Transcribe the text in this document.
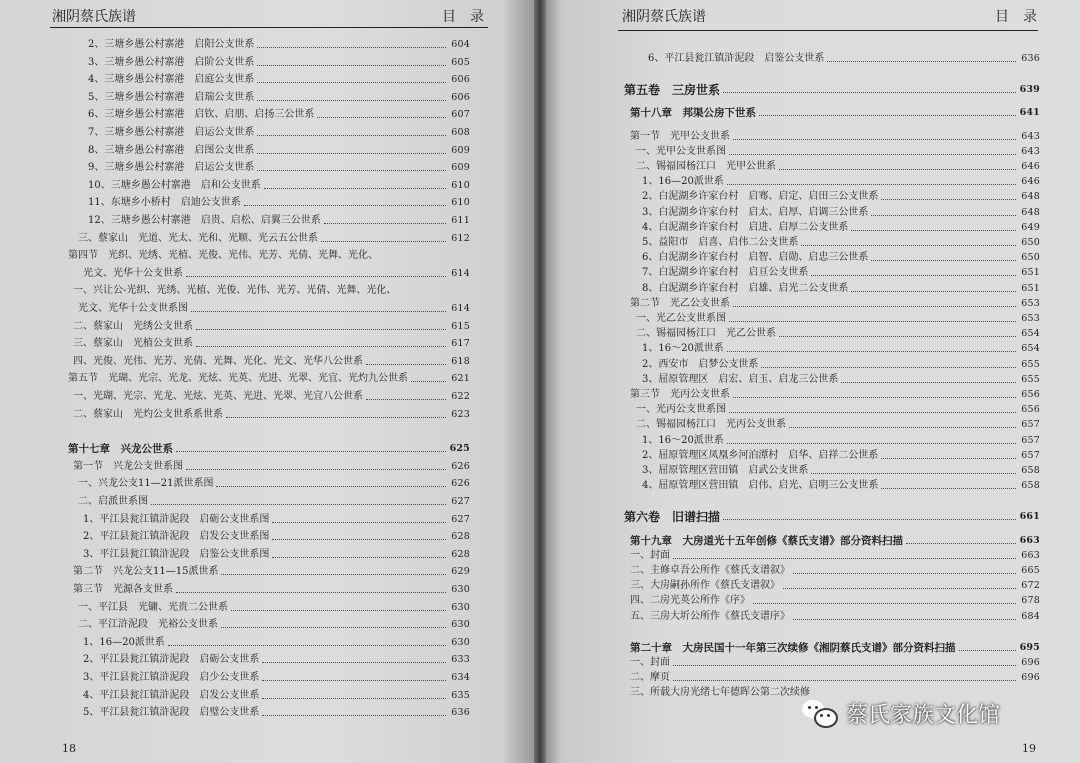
湘阴蔡氏族谱	目　录
2、三塘乡愚公村寨港　启阳公支世系	604
3、三塘乡愚公村寨港　启阶公支世系	605
4、三塘乡愚公村寨港　启庭公支世系	606
5、三塘乡愚公村寨港　启瑞公支世系	606
6、三塘乡愚公村寨港　启钦、启朋、启扬三公世系	607
7、三塘乡愚公村寨港　启运公支世系	608
8、三塘乡愚公村寨港　启图公支世系	609
9、三塘乡愚公村寨港　启运公支世系	609
10、三塘乡愚公村寨港　启和公支世系	610
11、东塘乡小桥村　启迪公支世系	610
12、三塘乡愚公村寨港　启贵、启松、启翼三公世系	611
三、蔡家山　光道、光太、光和、光顺、光云五公世系	612
第四节　光织、光绣、光植、光俊、光伟、光芳、光倩、光舞、光化、
光文、光华十公支世系	614
一、兴让公-光织、光绣、光植、光俊、光伟、光芳、光倩、光舞、光化、
光文、光华十公支世系图	614
二、蔡家山　光绣公支世系	615
三、蔡家山　光植公支世系	617
四、光俊、光伟、光芳、光倩、光舞、光化、光文、光华八公世系	618
第五节　光瑚、光宗、光龙、光炫、光英、光进、光翠、光宜、光灼九公世系	621
一、光瑚、光宗、光龙、光炫、光英、光进、光翠、光宜八公世系	622
二、蔡家山　光灼公支世系系世系	623
第十七章　兴龙公世系	625
第一节　兴龙公支世系图	626
一、兴龙公支11—21派世系图	626
二、启派世系图	627
1、平江县瓮江镇浒泥段　启砺公支世系图	627
2、平江县瓮江镇浒泥段　启发公支世系图	628
3、平江县瓮江镇浒泥段　启鉴公支世系图	628
第二节　兴龙公支11—15派世系	629
第三节　光源各支世系	630
一、平江县　光镛、光贵二公世系	630
二、平江浒泥段　光裕公支世系	630
1、16—20派世系	630
2、平江县瓮江镇浒泥段　启砺公支世系	633
3、平江县瓮江镇浒泥段　启少公支世系	634
4、平江县瓮江镇浒泥段　启发公支世系	635
5、平江县瓮江镇浒泥段　启璧公支世系	636
18
湘阴蔡氏族谱	目　录
6、平江县瓮江镇浒泥段　启鉴公支世系	636
第五卷　三房世系	639
第十八章　邦渠公房下世系	641
第一节　光甲公支世系	643
一、光甲公支世系图	643
二、锡福园杨江口　光甲公世系	646
1、16—20派世系	646
2、白泥湖乡许家台村　启骞、启定、启田三公支世系	648
3、白泥湖乡许家台村　启太、启厚、启调三公世系	648
4、白泥湖乡许家台村　启进、启厚二公支世系	649
5、益阳市　启喜、启伟二公支世系	650
6、白泥湖乡许家台村　启智、启勋、启忠三公世系	650
7、白泥湖乡许家台村　启亘公支世系	651
8、白泥湖乡许家台村　启雄、启光二公支世系	651
第二节　光乙公支世系	653
一、光乙公支世系图	653
二、锡福园杨江口　光乙公世系	654
1、16～20派世系	654
2、西安市　启梦公支世系	655
3、屈原管理区　启宏、启玉、启龙三公世系	655
第三节　光丙公支世系	656
一、光丙公支世系图	656
二、锡福园杨江口　光丙公支世系	657
1、16～20派世系	657
2、屈原管理区凤凰乡河泊潭村　启华、启祥二公世系	657
3、屈原管理区营田镇　启武公支世系	658
4、屈原管理区营田镇　启伟、启光、启明三公支世系	658
第六卷　旧谱扫描	661
第十九章　大房道光十五年创修《蔡氏支谱》部分资料扫描	663
一、封面	663
二、主修卓吾公所作《蔡氏支谱叙》	665
三、大房嗣孙所作《蔡氏支谱叙》	672
四、二房光英公所作《序》	678
五、三房大圻公所作《蔡氏支谱序》	684
第二十章　大房民国十一年第三次续修《湘阴蔡氏支谱》部分资料扫描	695
一、封面	696
二、摩页	696
三、所载大房光绪七年德晖公第二次续修
19
蔡氏家族文化馆
